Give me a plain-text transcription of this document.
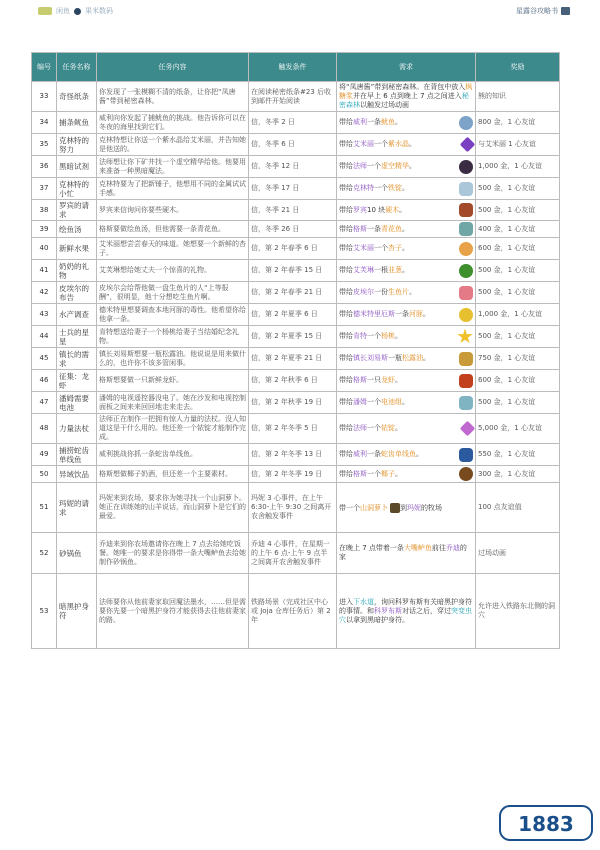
闲鱼 果米数码	星露谷攻略书
编号	任务名称	任务内容	触发条件	需求	奖励
33	奇怪纸条	你发现了一张模糊不清的纸条，让你把“凤唐酱”带到秘密森林。	在阅读秘密纸条#23 后收到邮件开始阅读	将“凤唐酱”带到秘密森林。在背包中放入枫糖浆并在早上 6 点到晚上 7 点之间进入秘密森林以触发过场动画	熊的知识
34	捕条鱿鱼	威利向你发起了捕鱿鱼的挑战。他告诉你可以在冬夜的海里找到它们。	信，冬季 2 日	带给威利一条鱿鱼。	800 金，1 心友谊
35	克林特的努力	克林特想让你送一个紫水晶给艾米丽，并告知她是他送的。	信，冬季 6 日	带给艾米丽一个紫水晶。	与艾米丽 1 心友谊
36	黑暗试剂	法师想让你下矿井找一个虚空精华给他。他要用来准备一种黑暗魔法。	信，冬季 12 日	带给法师一个虚空精华。	1,000 金，1 心友谊
37	克林特的小忙	克林特要为了把新锤子，他想用不同的金属试试手感。	信，冬季 17 日	带给克林特一个铁锭。	500 金，1 心友谊
38	罗宾的请求	罗宾来信询问你要些硬木。	信，冬季 21 日	带给罗宾10 块硬木。	500 金，1 心友谊
39	绘鱼汤	格斯要做绘鱼汤，但他需要一条青花鱼。	信，冬季 26 日	带给格斯一条青花鱼。	400 金，1 心友谊
40	新鲜水果	艾米丽想尝尝春天的味道。她想要一个新鲜的杏子。	信，第 2 年春季 6 日	带给艾米丽一个杏子。	600 金，1 心友谊
41	奶奶的礼物	艾芙琳想给她丈夫一个惊喜的礼物。	信，第 2 年春季 15 日	带给艾芙琳一根韭葱。	500 金，1 心友谊
42	皮埃尔的布告	皮埃尔会给帮他做一盘生鱼片的人“上等报酬”，很明显，他十分想吃生鱼片啊。	信，第 2 年春季 21 日	带给皮埃尔一份生鱼片。	500 金，1 心友谊
43	水产调查	德米特里想要调查本地河豚的毒性。他希望你给他拿一条。	信，第 2 年夏季 6 日	带给德米特里厄斯一条河豚。	1,000 金，1 心友谊
44	士兵的星星	肯特想送给妻子一个杨桃给妻子当结婚纪念礼物。	信，第 2 年夏季 15 日	带给肯特一个杨桃。	500 金，1 心友谊
45	镇长的需求	镇长刘易斯想要一瓶松露油。他说说是用来做什么的，也许你不该多管闲事。	信，第 2 年夏季 21 日	带给镇长刘易斯一瓶松露油。	750 金，1 心友谊
46	征集：龙虾	格斯想要做一只新鲜龙虾。	信，第 2 年秋季 6 日	带给格斯一只龙虾。	600 金，1 心友谊
47	潘姆需要电池	潘姆的电视遥控器没电了。她在沙发和电视控制面板之间来来回回地走来走去。	信，第 2 年秋季 19 日	带给潘姆一个电池组。	500 金，1 心友谊
48	力量法杖	法师正在制作一把拥有惊人力量的法杖。没人知道这是干什么用的。他还差一个铱锭才能制作完成。	信，第 2 年冬季 5 日	带给法师一个铱锭。	5,000 金，1 心友谊
49	捕捞蛇齿单线鱼	威利挑战你抓一条蛇齿单线鱼。	信，第 2 年冬季 13 日	带给威利一条蛇齿单线鱼。	550 金，1 心友谊
50	异域饮品	格斯想做椰子奶酒，但还差一个主要素材。	信，第 2 年冬季 19 日	带给格斯一个椰子。	300 金，1 心友谊
51	玛妮的请求	玛妮来到农场，要求你为她寻找一个山洞萝卜。她正在训练她的山羊说话，而山洞萝卜是它们的最爱。	玛妮 3 心事件，在上午 6:30-上午 9:30 之间离开农舍触发事件	带一个山洞萝卜 到玛妮的牧场	100 点友谊值
52	砂锅鱼	乔迪来到你农场邀请你在晚上 7 点去给她吃饭餐。她唯一的要求是你得带一条大嘴鲈鱼去给她制作砂锅鱼。	乔迪 4 心事件，在星期一的上午 6 点-上午 9 点半之间离开农舍触发事件	在晚上 7 点带着一条大嘴鲈鱼前往乔迪的家	过场动画
53	暗黑护身符	法师要你从他前妻家取回魔法墨水，……但是需要你先要一个暗黑护身符才能获得去往他前妻家的路。	铁路场景（完成社区中心或 Joja 仓库任务后）第 2 年	进入下水道，询问科罗布斯有关暗黑护身符的事情。和科罗布斯对话之后，穿过突变虫穴以拿到黑暗护身符。	允许进入铁路东北侧的洞穴
1883
